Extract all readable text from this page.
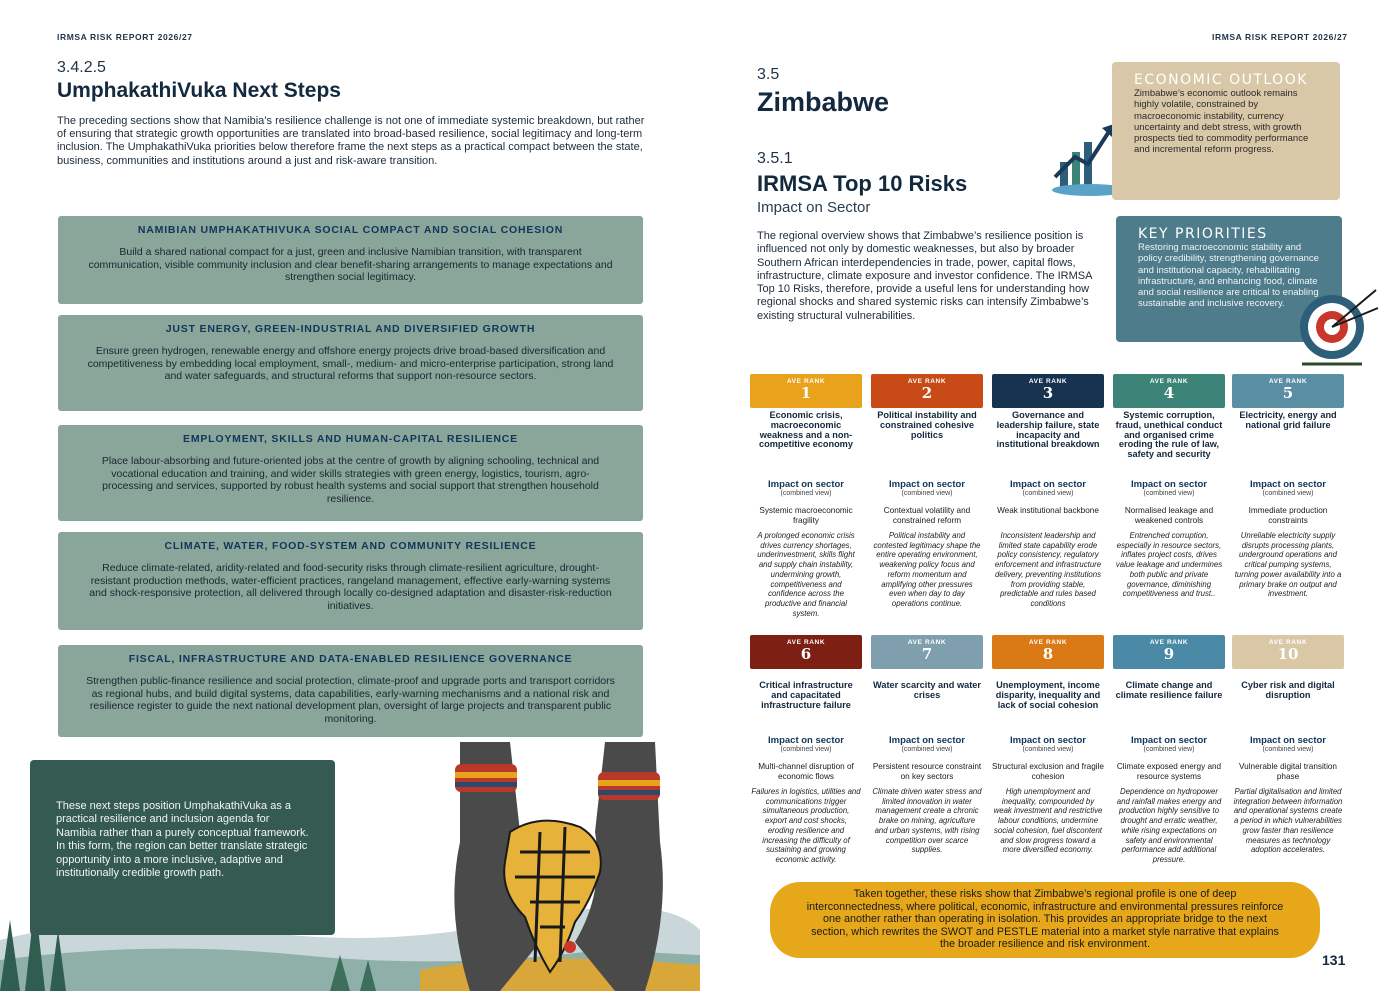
IRMSA RISK REPORT 2026/27	IRMSA RISK REPORT 2026/27
3.4.2.5
UmphakathiVuka Next Steps
The preceding sections show that Namibia’s resilience challenge is not one of immediate systemic breakdown, but rather of ensuring that strategic growth opportunities are translated into broad-based resilience, social legitimacy and long-term inclusion. The UmphakathiVuka priorities below therefore frame the next steps as a practical compact between the state, business, communities and institutions around a just and risk-aware transition.
NAMIBIAN UMPHAKATHIVUKA SOCIAL COMPACT AND SOCIAL COHESION

Build a shared national compact for a just, green and inclusive Namibian transition, with transparent communication, visible community inclusion and clear benefit-sharing arrangements to manage expectations and strengthen social legitimacy.

JUST ENERGY, GREEN-INDUSTRIAL AND DIVERSIFIED GROWTH

Ensure green hydrogen, renewable energy and offshore energy projects drive broad-based diversification and competitiveness by embedding local employment, small-, medium- and micro-enterprise participation, strong land and water safeguards, and structural reforms that support non-resource sectors.

EMPLOYMENT, SKILLS AND HUMAN-CAPITAL RESILIENCE

Place labour-absorbing and future-oriented jobs at the centre of growth by aligning schooling, technical and vocational education and training, and wider skills strategies with green energy, logistics, tourism, agro-processing and services, supported by robust health systems and social support that strengthen household resilience.

CLIMATE, WATER, FOOD-SYSTEM AND COMMUNITY RESILIENCE

Reduce climate-related, aridity-related and food-security risks through climate-resilient agriculture, drought-resistant production methods, water-efficient practices, rangeland management, effective early-warning systems and shock-responsive protection, all delivered through locally co-designed adaptation and disaster-risk-reduction initiatives.

FISCAL, INFRASTRUCTURE AND DATA-ENABLED RESILIENCE GOVERNANCE

Strengthen public-finance resilience and social protection, climate-proof and upgrade ports and transport corridors as regional hubs, and build digital systems, data capabilities, early-warning mechanisms and a national risk and resilience register to guide the next national development plan, oversight of large projects and transparent public monitoring.

These next steps position UmphakathiVuka as a practical resilience and inclusion agenda for Namibia rather than a purely conceptual framework. In this form, the region can better translate strategic opportunity into a more inclusive, adaptive and institutionally credible growth path.

3.5
Zimbabwe
3.5.1
IRMSA Top 10 Risks
Impact on Sector
The regional overview shows that Zimbabwe’s resilience position is influenced not only by domestic weaknesses, but also by broader Southern African interdependencies in trade, power, capital flows, infrastructure, climate exposure and investor confidence. The IRMSA Top 10 Risks, therefore, provide a useful lens for understanding how regional shocks and shared systemic risks can intensify Zimbabwe’s existing structural vulnerabilities.
ECONOMIC OUTLOOK

Zimbabwe’s economic outlook remains highly volatile, constrained by macroeconomic instability, currency uncertainty and debt stress, with growth prospects tied to commodity performance and incremental reform progress.

KEY PRIORITIES

Restoring macroeconomic stability and policy credibility, strengthening governance and institutional capacity, rehabilitating infrastructure, and enhancing food, climate and social resilience are critical to enabling sustainable and inclusive recovery.

AVE RANK
1
Economic crisis, macroeconomic weakness and a non-competitive economy
Impact on sector
(combined view)
Systemic macroeconomic fragility
A prolonged economic crisis drives currency shortages, underinvestment, skills flight and supply chain instability, undermining growth, competitiveness and confidence across the productive and financial system.
AVE RANK
2
Political instability and constrained cohesive politics
Impact on sector
(combined view)
Contextual volatility and constrained reform
Political instability and contested legitimacy shape the entire operating environment, weakening policy focus and reform momentum and amplifying other pressures even when day to day operations continue.
AVE RANK
3
Governance and leadership failure, state incapacity and institutional breakdown
Impact on sector
(combined view)
Weak institutional backbone
Inconsistent leadership and limited state capability erode policy consistency, regulatory enforcement and infrastructure delivery, preventing institutions from providing stable, predictable and rules based conditions
AVE RANK
4
Systemic corruption, fraud, unethical conduct and organised crime eroding the rule of law, safety and security
Impact on sector
(combined view)
Normalised leakage and weakened controls
Entrenched corruption, especially in resource sectors, inflates project costs, drives value leakage and undermines both public and private governance, diminishing competitiveness and trust..
AVE RANK
5
Electricity, energy and national grid failure
Impact on sector
(combined view)
Immediate production constraints
Unreliable electricity supply disrupts processing plants, underground operations and critical pumping systems, turning power availability into a primary brake on output and investment.
AVE RANK
6
Critical infrastructure and capacitated infrastructure failure
Impact on sector
(combined view)
Multi-channel disruption of economic flows
Failures in logistics, utilities and communications trigger simultaneous production, export and cost shocks, eroding resilience and increasing the difficulty of sustaining and growing economic activity.
AVE RANK
7
Water scarcity and water crises
Impact on sector
(combined view)
Persistent resource constraint on key sectors
Climate driven water stress and limited innovation in water management create a chronic brake on mining, agriculture and urban systems, with rising competition over scarce supplies.
AVE RANK
8
Unemployment, income disparity, inequality and lack of social cohesion
Impact on sector
(combined view)
Structural exclusion and fragile cohesion
High unemployment and inequality, compounded by weak investment and restrictive labour conditions, undermine social cohesion, fuel discontent and slow progress toward a more diversified economy.
AVE RANK
9
Climate change and climate resilience failure
Impact on sector
(combined view)
Climate exposed energy and resource systems
Dependence on hydropower and rainfall makes energy and production highly sensitive to drought and erratic weather, while rising expectations on safety and environmental performance add additional pressure.
AVE RANK
10
Cyber risk and digital disruption
Impact on sector
(combined view)
Vulnerable digital transition phase
Partial digitalisation and limited integration between information and operational systems create a period in which vulnerabilities grow faster than resilience measures as technology adoption accelerates.

Taken together, these risks show that Zimbabwe’s regional profile is one of deep interconnectedness, where political, economic, infrastructure and environmental pressures reinforce one another rather than operating in isolation. This provides an appropriate bridge to the next section, which rewrites the SWOT and PESTLE material into a market style narrative that explains the broader resilience and risk environment.

131
